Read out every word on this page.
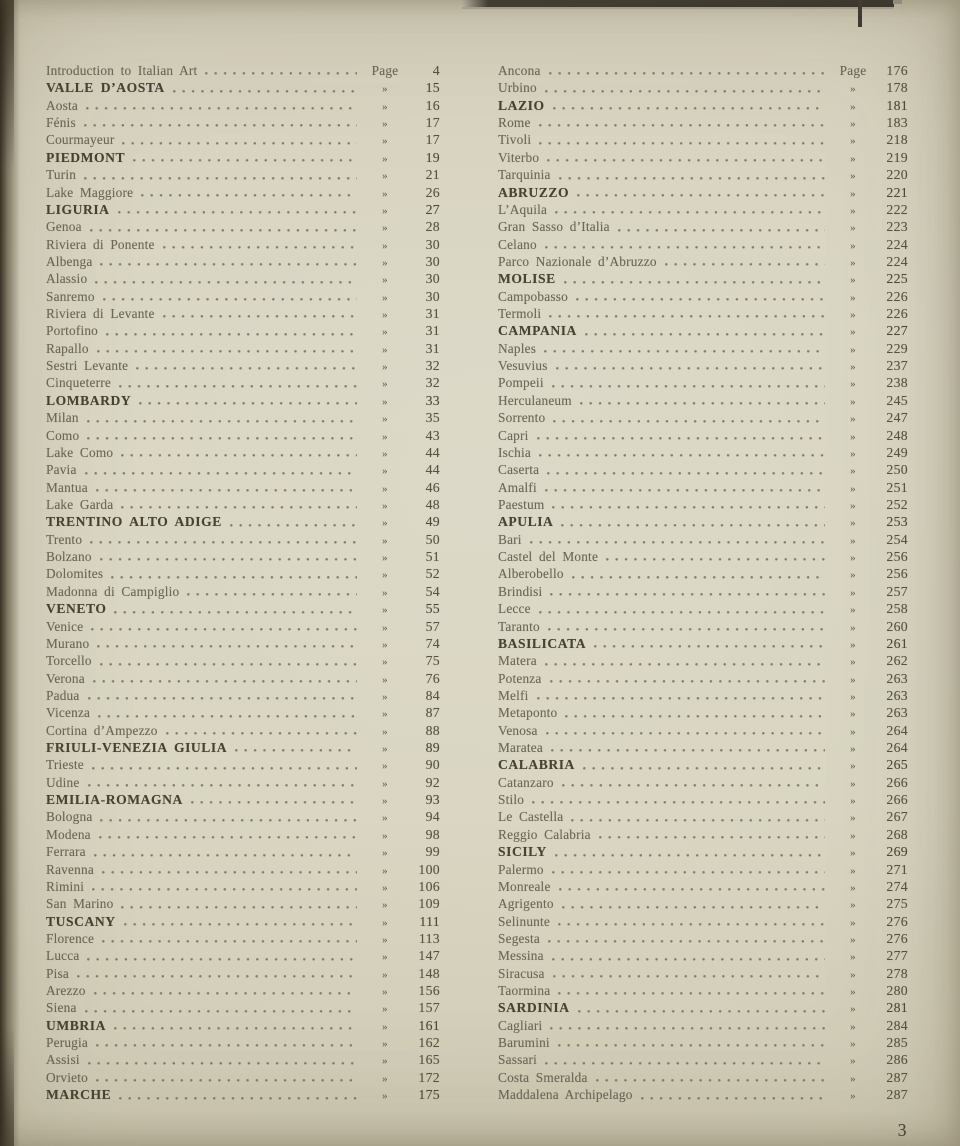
Introduction to Italian Art	Page	4
VALLE D’AOSTA	»	15
Aosta	»	16
Fénis	»	17
Courmayeur	»	17
PIEDMONT	»	19
Turin	»	21
Lake Maggiore	»	26
LIGURIA	»	27
Genoa	»	28
Riviera di Ponente	»	30
Albenga	»	30
Alassio	»	30
Sanremo	»	30
Riviera di Levante	»	31
Portofino	»	31
Rapallo	»	31
Sestri Levante	»	32
Cinqueterre	»	32
LOMBARDY	»	33
Milan	»	35
Como	»	43
Lake Como	»	44
Pavia	»	44
Mantua	»	46
Lake Garda	»	48
TRENTINO ALTO ADIGE	»	49
Trento	»	50
Bolzano	»	51
Dolomites	»	52
Madonna di Campiglio	»	54
VENETO	»	55
Venice	»	57
Murano	»	74
Torcello	»	75
Verona	»	76
Padua	»	84
Vicenza	»	87
Cortina d’Ampezzo	»	88
FRIULI-VENEZIA GIULIA	»	89
Trieste	»	90
Udine	»	92
EMILIA-ROMAGNA	»	93
Bologna	»	94
Modena	»	98
Ferrara	»	99
Ravenna	»	100
Rimini	»	106
San Marino	»	109
TUSCANY	»	111
Florence	»	113
Lucca	»	147
Pisa	»	148
Arezzo	»	156
Siena	»	157
UMBRIA	»	161
Perugia	»	162
Assisi	»	165
Orvieto	»	172
MARCHE	»	175
Ancona	Page	176
Urbino	»	178
LAZIO	»	181
Rome	»	183
Tivoli	»	218
Viterbo	»	219
Tarquinia	»	220
ABRUZZO	»	221
L’Aquila	»	222
Gran Sasso d’Italia	»	223
Celano	»	224
Parco Nazionale d’Abruzzo	»	224
MOLISE	»	225
Campobasso	»	226
Termoli	»	226
CAMPANIA	»	227
Naples	»	229
Vesuvius	»	237
Pompeii	»	238
Herculaneum	»	245
Sorrento	»	247
Capri	»	248
Ischia	»	249
Caserta	»	250
Amalfi	»	251
Paestum	»	252
APULIA	»	253
Bari	»	254
Castel del Monte	»	256
Alberobello	»	256
Brindisi	»	257
Lecce	»	258
Taranto	»	260
BASILICATA	»	261
Matera	»	262
Potenza	»	263
Melfi	»	263
Metaponto	»	263
Venosa	»	264
Maratea	»	264
CALABRIA	»	265
Catanzaro	»	266
Stilo	»	266
Le Castella	»	267
Reggio Calabria	»	268
SICILY	»	269
Palermo	»	271
Monreale	»	274
Agrigento	»	275
Selinunte	»	276
Segesta	»	276
Messina	»	277
Siracusa	»	278
Taormina	»	280
SARDINIA	»	281
Cagliari	»	284
Barumini	»	285
Sassari	»	286
Costa Smeralda	»	287
Maddalena Archipelago	»	287
3
